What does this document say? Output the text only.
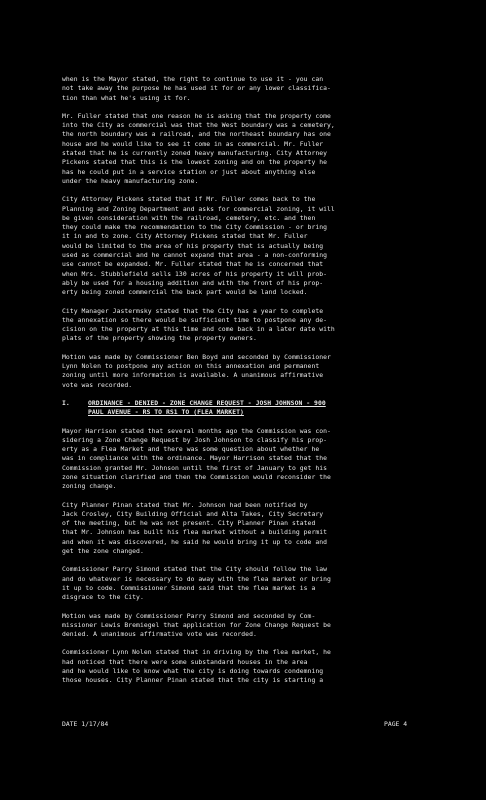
when is the Mayor stated, the right to continue to use it - you can
not take away the purpose he has used it for or any lower classifica-
tion than what he's using it for.
Mr. Fuller stated that one reason he is asking that the property come
into the City as commercial was that the West boundary was a cemetery,
the north boundary was a railroad, and the northeast boundary has one
house and he would like to see it come in as commercial. Mr. Fuller
stated that he is currently zoned heavy manufacturing. City Attorney
Pickens stated that this is the lowest zoning and on the property he
has he could put in a service station or just about anything else
under the heavy manufacturing zone.
City Attorney Pickens stated that if Mr. Fuller comes back to the
Planning and Zoning Department and asks for commercial zoning, it will
be given consideration with the railroad, cemetery, etc. and then
they could make the recommendation to the City Commission - or bring
it in and to zone. City Attorney Pickens stated that Mr. Fuller
would be limited to the area of his property that is actually being
used as commercial and he cannot expand that area - a non-conforming
use cannot be expanded. Mr. Fuller stated that he is concerned that
when Mrs. Stubblefield sells 130 acres of his property it will prob-
ably be used for a housing addition and with the front of his prop-
erty being zoned commercial the back part would be land locked.
City Manager Jastermsky stated that the City has a year to complete
the annexation so there would be sufficient time to postpone any de-
cision on the property at this time and come back in a later date with
plats of the property showing the property owners.
Motion was made by Commissioner Ben Boyd and seconded by Commissioner
Lynn Nolen to postpone any action on this annexation and permanent
zoning until more information is available. A unanimous affirmative
vote was recorded.
I.	ORDINANCE - DENIED - ZONE CHANGE REQUEST - JOSH JOHNSON - 900
PAUL AVENUE - RS TO RS1 TO (FLEA MARKET)
Mayor Harrison stated that several months ago the Commission was con-
sidering a Zone Change Request by Josh Johnson to classify his prop-
erty as a Flea Market and there was some question about whether he
was in compliance with the ordinance. Mayor Harrison stated that the
Commission granted Mr. Johnson until the first of January to get his
zone situation clarified and then the Commission would reconsider the
zoning change.
City Planner Pinan stated that Mr. Johnson had been notified by
Jack Crosley, City Building Official and Alta Takes, City Secretary
of the meeting, but he was not present. City Planner Pinan stated
that Mr. Johnson has built his flea market without a building permit
and when it was discovered, he said he would bring it up to code and
get the zone changed.
Commissioner Parry Simond stated that the City should follow the law
and do whatever is necessary to do away with the flea market or bring
it up to code. Commissioner Simond said that the flea market is a
disgrace to the City.
Motion was made by Commissioner Parry Simond and seconded by Com-
missioner Lewis Bremiegel that application for Zone Change Request be
denied. A unanimous affirmative vote was recorded.
Commissioner Lynn Nolen stated that in driving by the flea market, he
had noticed that there were some substandard houses in the area
and he would like to know what the city is doing towards condemning
those houses. City Planner Pinan stated that the city is starting a
DATE 1/17/84	PAGE 4
